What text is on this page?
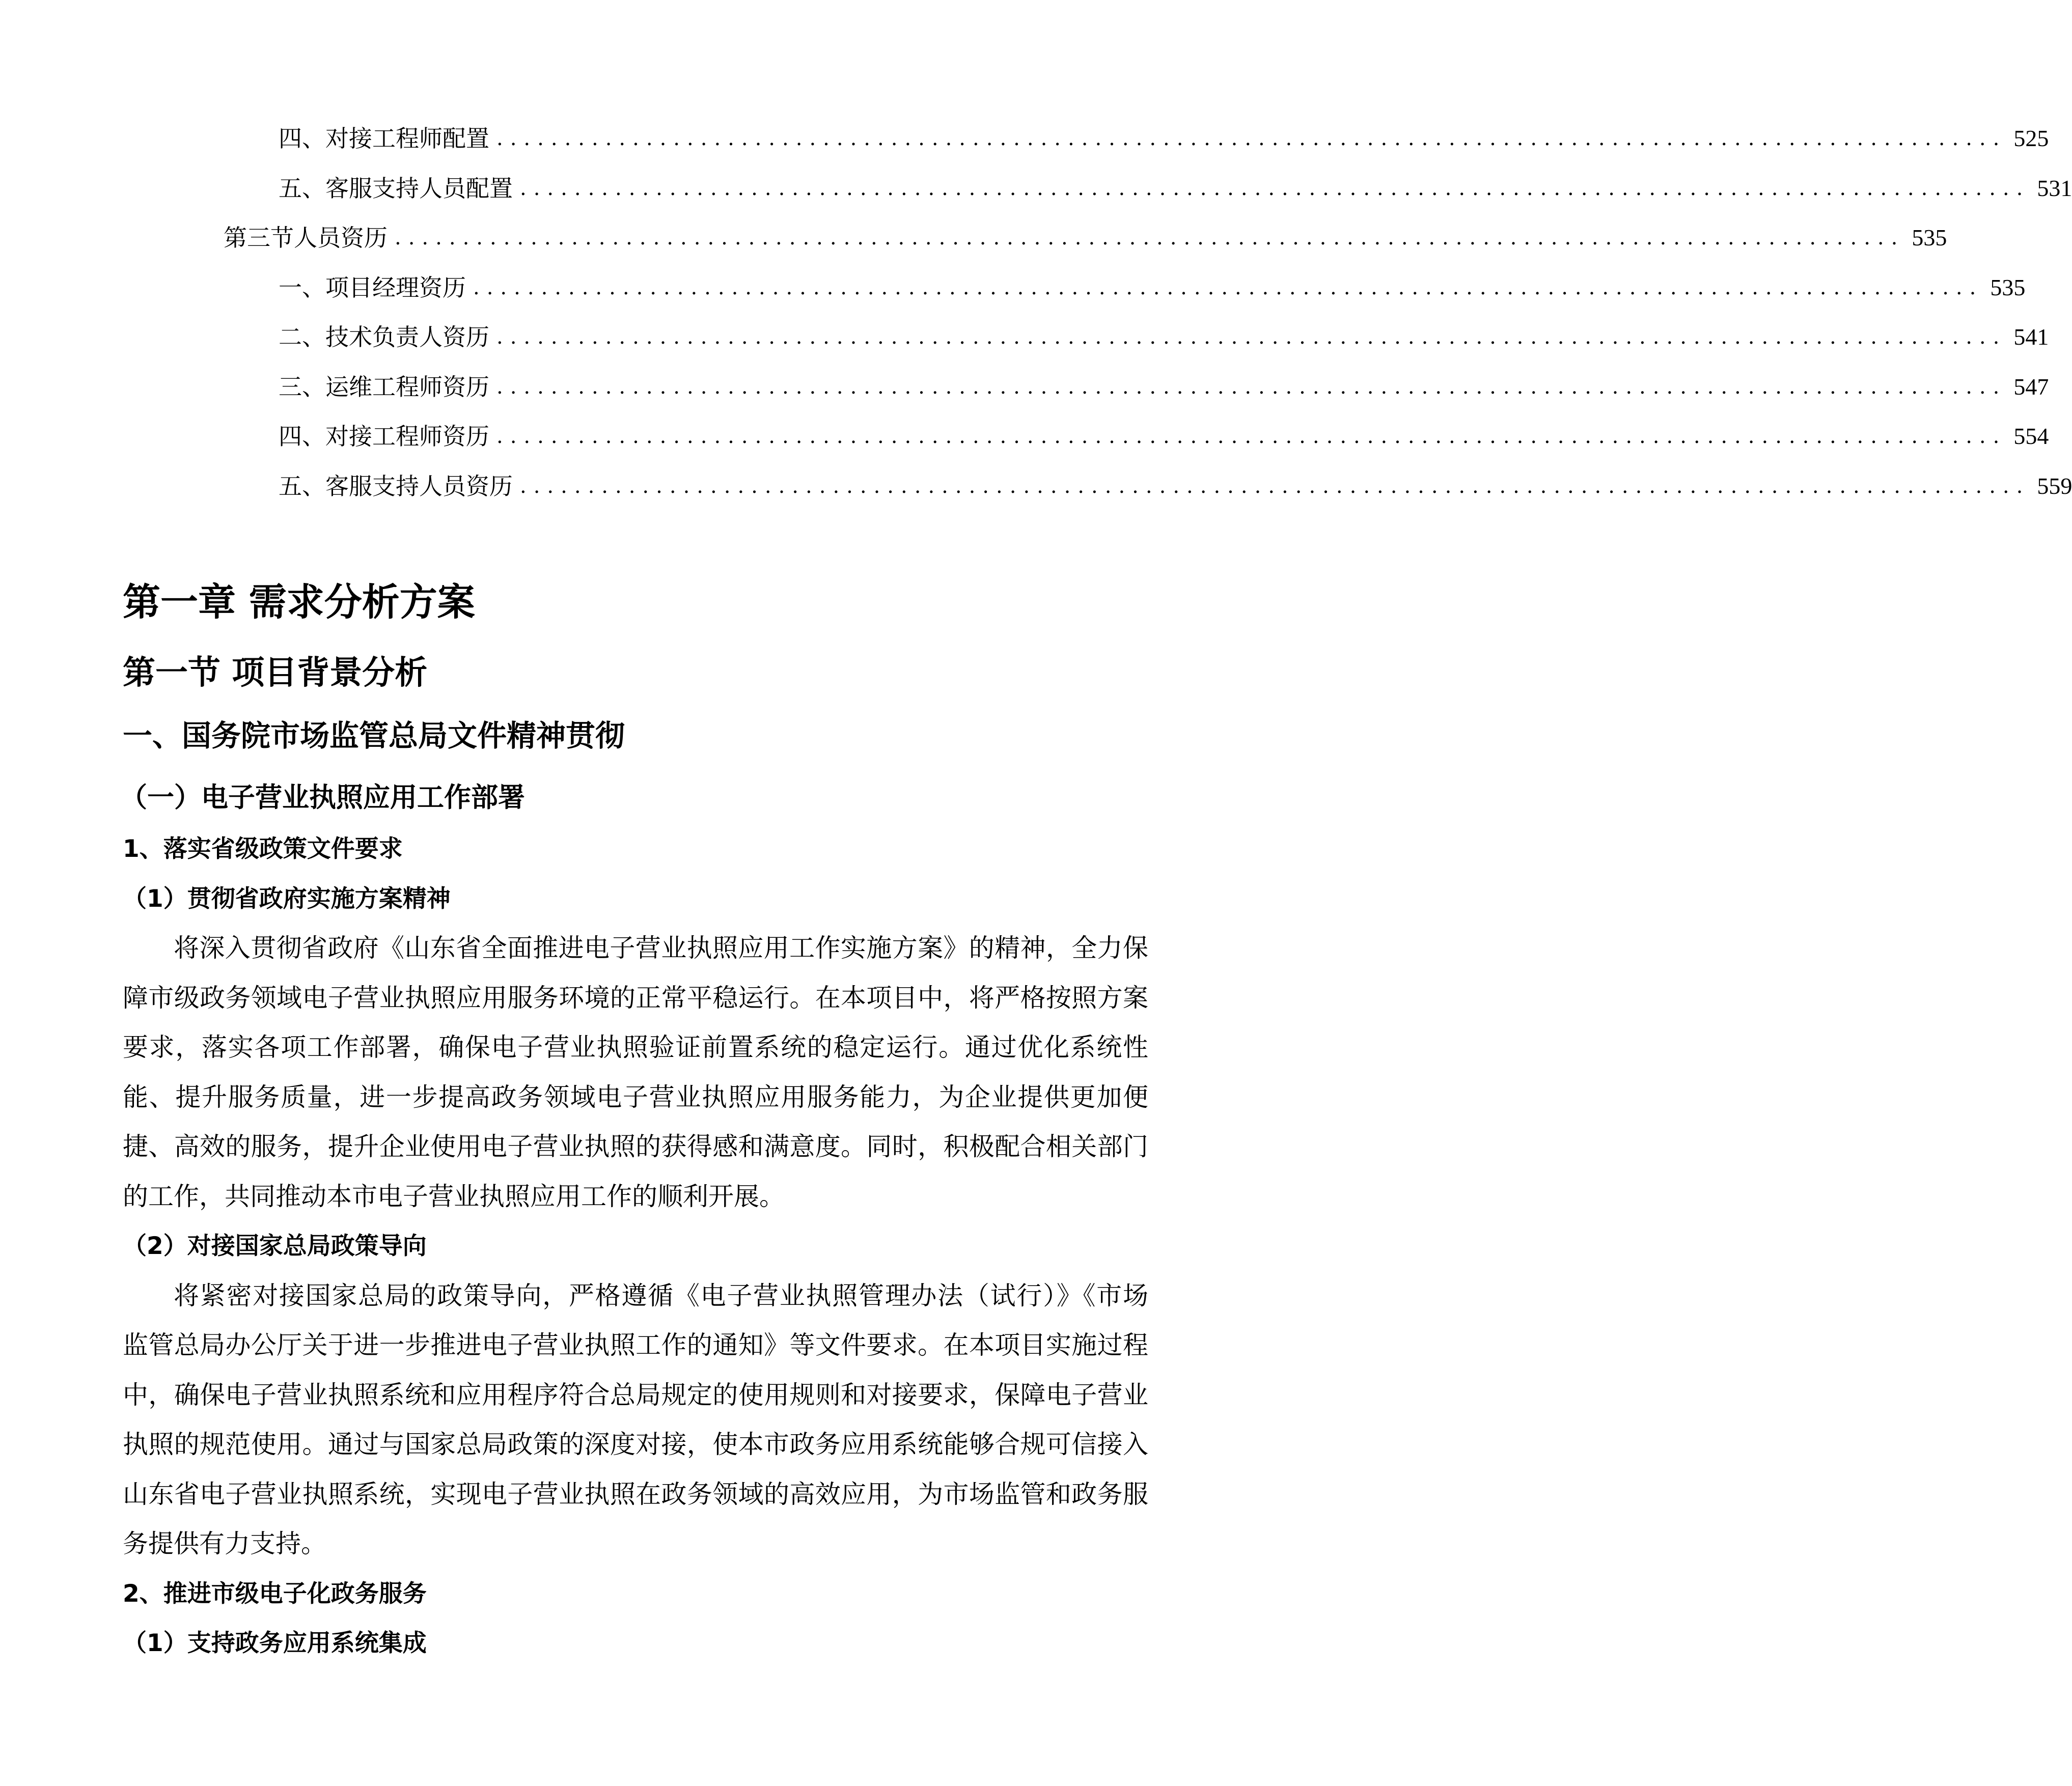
四、 对接工程师配置 ............................................................................................................... 525
五、 客服支持人员配置 ............................................................................................................... 531
第三节 人员资历 ............................................................................................................... 535
一、 项目经理资历 ............................................................................................................... 535
二、 技术负责人资历 ............................................................................................................... 541
三、 运维工程师资历 ............................................................................................................... 547
四、 对接工程师资历 ............................................................................................................... 554
五、 客服支持人员资历 ............................................................................................................... 559
第一章 需求分析方案
第一节 项目背景分析
一、国务院市场监管总局文件精神贯彻
（一）电子营业执照应用工作部署
1、落实省级政策文件要求
（1）贯彻省政府实施方案精神
将深入贯彻省政府《山东省全面推进电子营业执照应用工作实施方案》的精神，全力保
障市级政务领域电子营业执照应用服务环境的正常平稳运行。在本项目中，将严格按照方案
要求，落实各项工作部署，确保电子营业执照验证前置系统的稳定运行。通过优化系统性
能、提升服务质量，进一步提高政务领域电子营业执照应用服务能力，为企业提供更加便
捷、高效的服务，提升企业使用电子营业执照的获得感和满意度。同时，积极配合相关部门
的工作，共同推动本市电子营业执照应用工作的顺利开展。
（2）对接国家总局政策导向
将紧密对接国家总局的政策导向，严格遵循《电子营业执照管理办法（试行）》《市场
监管总局办公厅关于进一步推进电子营业执照工作的通知》等文件要求。在本项目实施过程
中，确保电子营业执照系统和应用程序符合总局规定的使用规则和对接要求，保障电子营业
执照的规范使用。通过与国家总局政策的深度对接，使本市政务应用系统能够合规可信接入
山东省电子营业执照系统，实现电子营业执照在政务领域的高效应用，为市场监管和政务服
务提供有力支持。
2、推进市级电子化政务服务
（1）支持政务应用系统集成
